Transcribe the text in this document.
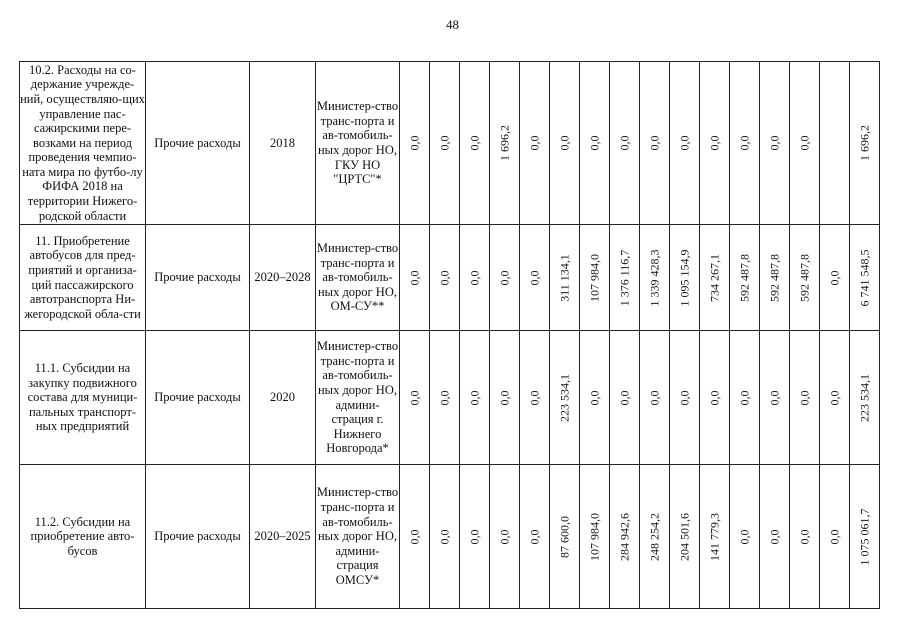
48
10.2. Расходы на со-держание учрежде-ний, осуществляю-щих управление пас-сажирскими пере-возками на период проведения чемпио-ната мира по футбо-лу ФИФА 2018 на территории Нижего-родской области	Прочие расходы	2018	Министер-ство транс-порта и ав-томобиль-ных дорог НО, ГКУ НО "ЦРТС"*	0,0	0,0	0,0	1 696,2	0,0	0,0	0,0	0,0	0,0	0,0	0,0	0,0	0,0	0,0		1 696,2

11. Приобретение автобусов для пред-приятий и организа-ций пассажирского автотранспорта Ни-жегородской обла-сти	Прочие расходы	2020–2028	Министер-ство транс-порта и ав-томобиль-ных дорог НО, ОМ-СУ**	0,0	0,0	0,0	0,0	0,0	311 134,1	107 984,0	1 376 116,7	1 339 428,3	1 095 154,9	734 267,1	592 487,8	592 487,8	592 487,8	0,0	6 741 548,5

11.1. Субсидии на закупку подвижного состава для муници-пальных транспорт-ных предприятий	Прочие расходы	2020	Министер-ство транс-порта и ав-томобиль-ных дорог НО, админи-страция г. Нижнего Новгорода*	0,0	0,0	0,0	0,0	0,0	223 534,1	0,0	0,0	0,0	0,0	0,0	0,0	0,0	0,0	0,0	223 534,1

11.2. Субсидии на приобретение авто-бусов	Прочие расходы	2020–2025	Министер-ство транс-порта и ав-томобиль-ных дорог НО, админи-страция ОМСУ*	0,0	0,0	0,0	0,0	0,0	87 600,0	107 984,0	284 942,6	248 254,2	204 501,6	141 779,3	0,0	0,0	0,0	0,0	1 075 061,7
